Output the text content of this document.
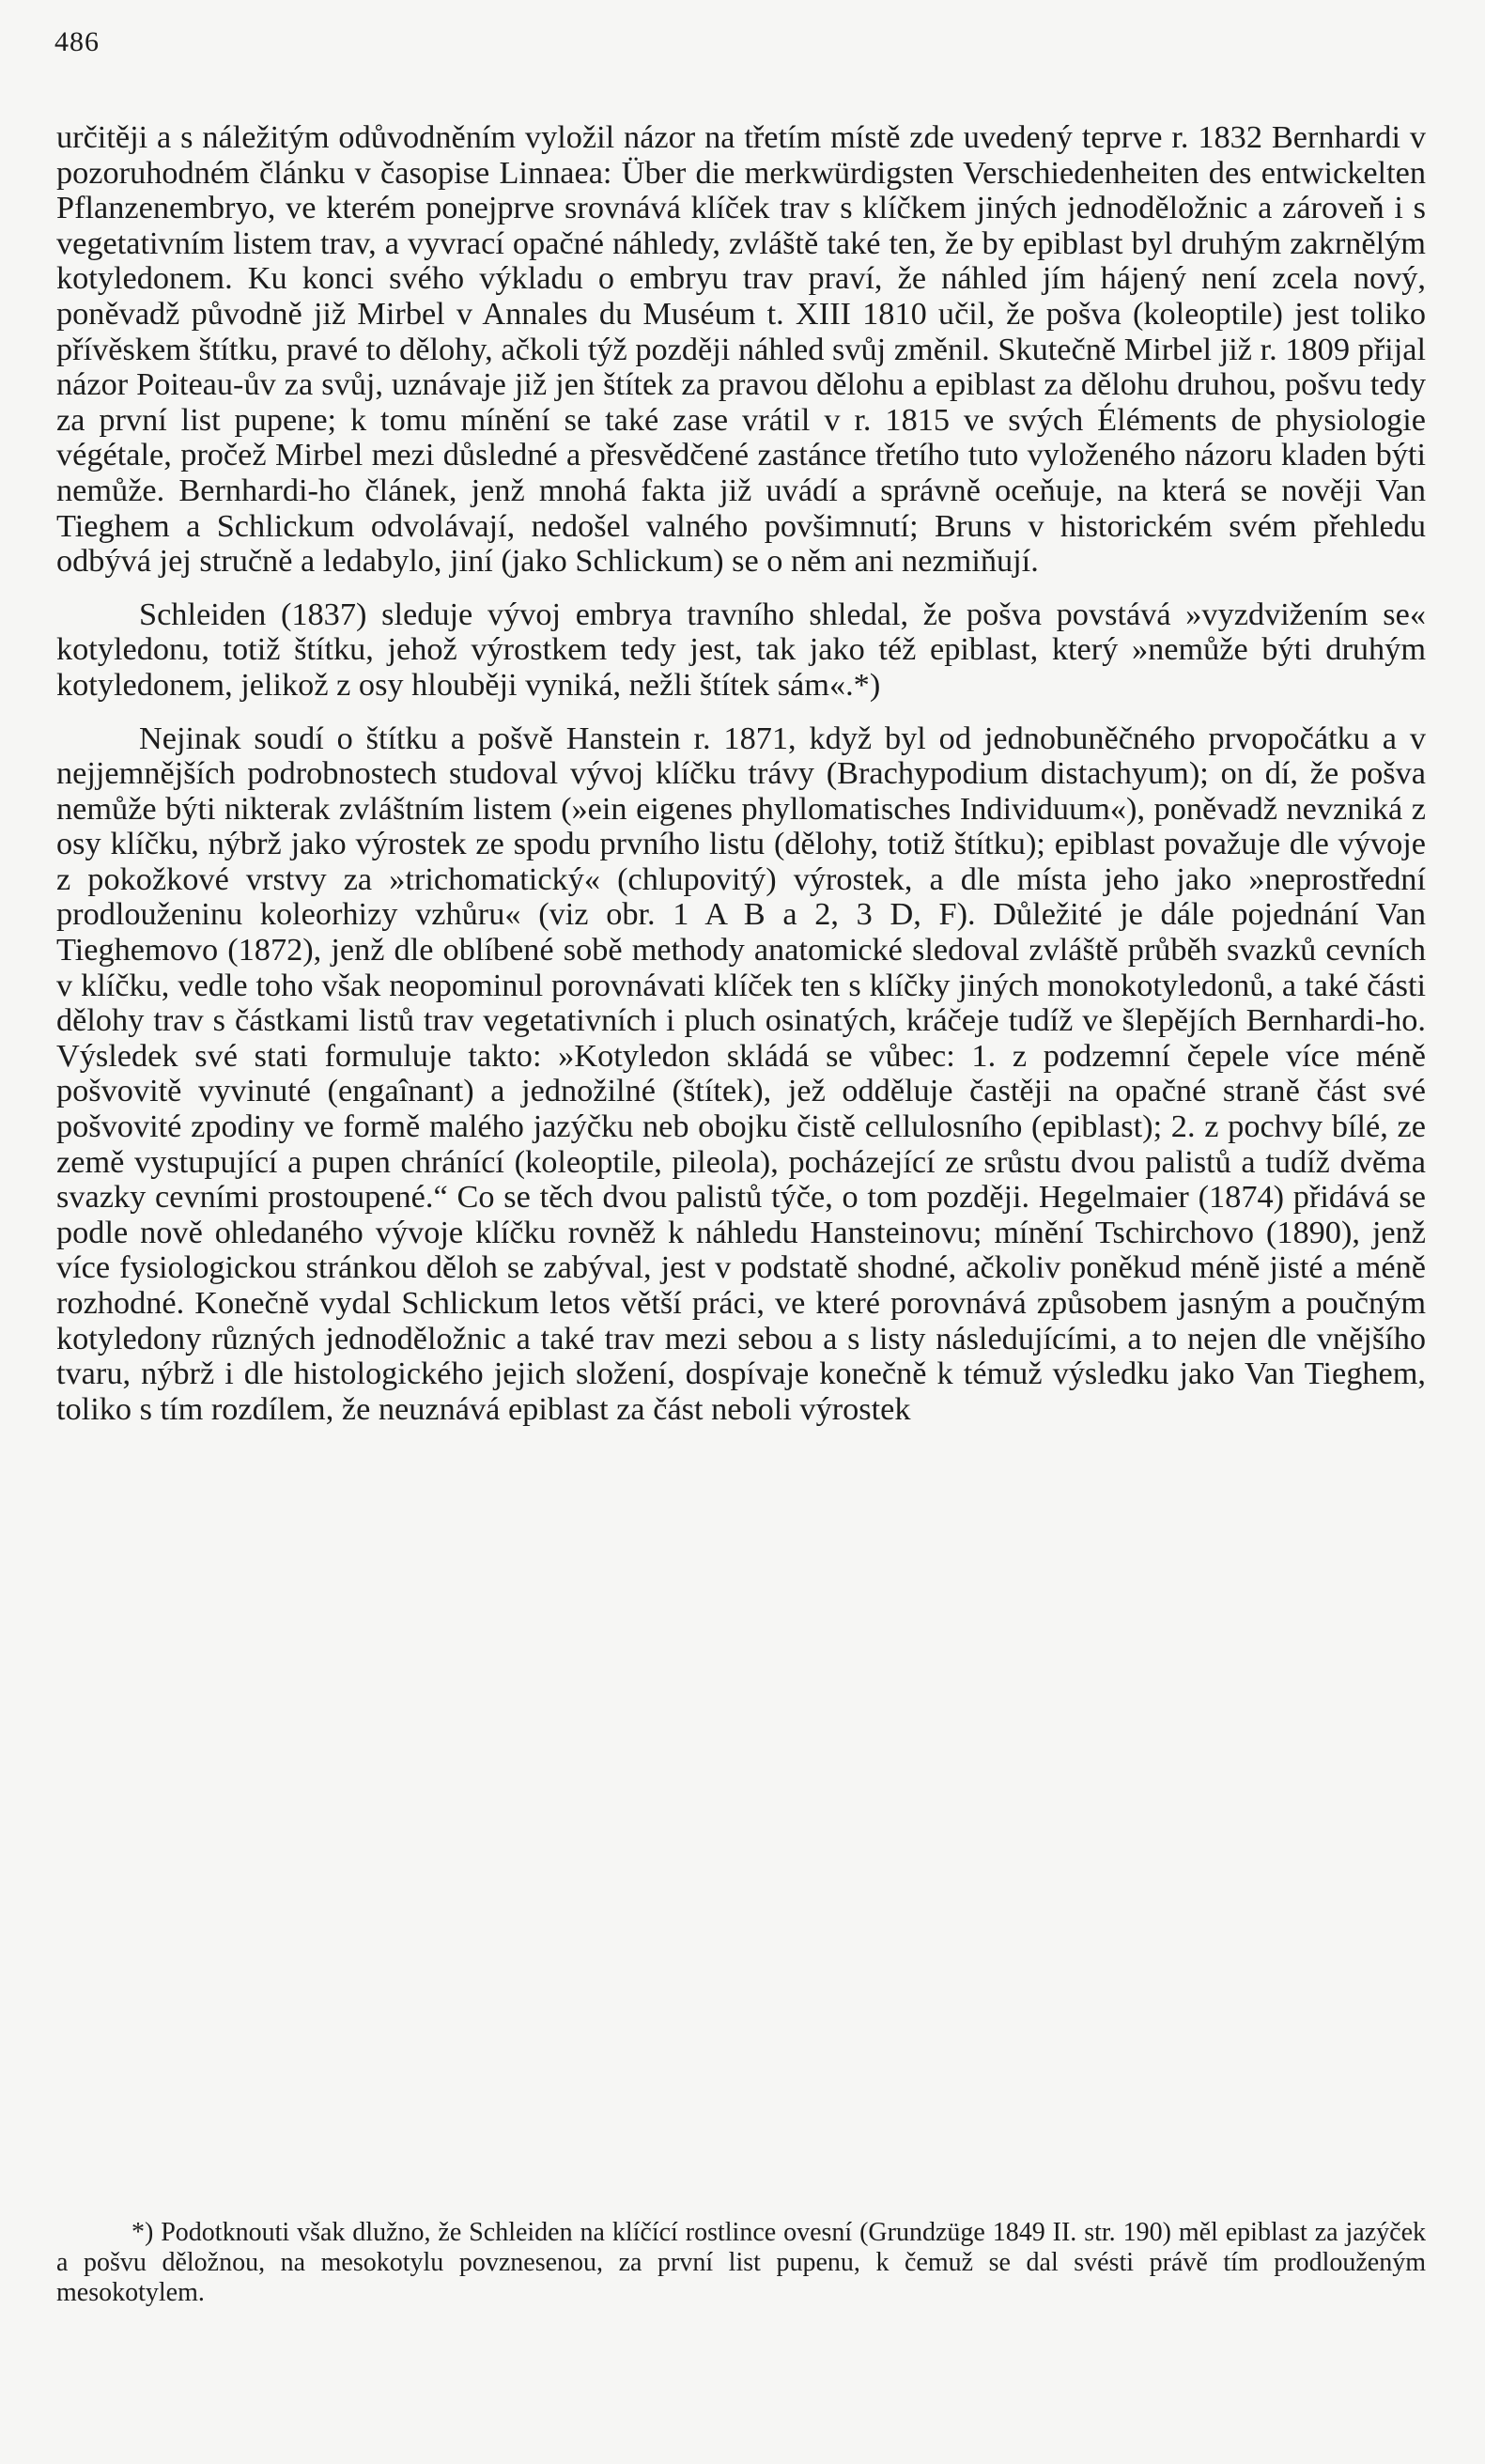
486

určitěji a s náležitým odůvodněním vyložil názor na třetím místě zde uvedený teprve r. 1832 Bernhardi v pozoruhodném článku v časopise Linnaea: Über die merkwürdigsten Verschiedenheiten des entwickelten Pflanzenembryo, ve kterém ponejprve srovnává klíček trav s klíčkem jiných jednoděložnic a zároveň i s vegetativním listem trav, a vyvrací opačné náhledy, zvláště také ten, že by epiblast byl druhým zakrnělým kotyledonem. Ku konci svého výkladu o embryu trav praví, že náhled jím hájený není zcela nový, poněvadž původně již Mirbel v Annales du Muséum t. XIII 1810 učil, že pošva (koleoptile) jest toliko přívěskem štítku, pravé to dělohy, ačkoli týž později náhled svůj změnil. Skutečně Mirbel již r. 1809 přijal názor Poiteau-ův za svůj, uznávaje již jen štítek za pravou dělohu a epiblast za dělohu druhou, pošvu tedy za první list pupene; k tomu mínění se také zase vrátil v r. 1815 ve svých Éléments de physiologie végétale, pročež Mirbel mezi důsledné a přesvědčené zastánce třetího tuto vyloženého názoru kladen býti nemůže. Bernhardi-ho článek, jenž mnohá fakta již uvádí a správně oceňuje, na která se nověji Van Tieghem a Schlickum odvolávají, nedošel valného povšimnutí; Bruns v historickém svém přehledu odbývá jej stručně a ledabylo, jiní (jako Schlickum) se o něm ani nezmiňují.

Schleiden (1837) sleduje vývoj embrya travního shledal, že pošva povstává »vyzdvižením se« kotyledonu, totiž štítku, jehož výrostkem tedy jest, tak jako též epiblast, který »nemůže býti druhým kotyledonem, jelikož z osy hlouběji vyniká, nežli štítek sám«.*)

Nejinak soudí o štítku a pošvě Hanstein r. 1871, když byl od jednobuněčného prvopočátku a v nejjemnějších podrobnostech studoval vývoj klíčku trávy (Brachypodium distachyum); on dí, že pošva nemůže býti nikterak zvláštním listem (»ein eigenes phyllomatisches Individuum«), poněvadž nevzniká z osy klíčku, nýbrž jako výrostek ze spodu prvního listu (dělohy, totiž štítku); epiblast považuje dle vývoje z pokožkové vrstvy za »trichomatický« (chlupovitý) výrostek, a dle místa jeho jako »neprostřední prodlouženinu koleorhizy vzhůru« (viz obr. 1 A B a 2, 3 D, F). Důležité je dále pojednání Van Tieghemovo (1872), jenž dle oblíbené sobě methody anatomické sledoval zvláště průběh svazků cevních v klíčku, vedle toho však neopominul porovnávati klíček ten s klíčky jiných monokotyledonů, a také části dělohy trav s částkami listů trav vegetativních i pluch osinatých, kráčeje tudíž ve šlepějích Bernhardi-ho. Výsledek své stati formuluje takto: »Kotyledon skládá se vůbec: 1. z podzemní čepele více méně pošvovitě vyvinuté (engaînant) a jednožilné (štítek), jež odděluje častěji na opačné straně část své pošvovité zpodiny ve formě malého jazýčku neb obojku čistě cellulosního (epiblast); 2. z pochvy bílé, ze země vystupující a pupen chránící (koleoptile, pileola), pocházející ze srůstu dvou palistů a tudíž dvěma svazky cevními prostoupené.“ Co se těch dvou palistů týče, o tom později. Hegelmaier (1874) přidává se podle nově ohledaného vývoje klíčku rovněž k náhledu Hansteinovu; mínění Tschirchovo (1890), jenž více fysiologickou stránkou děloh se zabýval, jest v podstatě shodné, ačkoliv poněkud méně jisté a méně rozhodné. Konečně vydal Schlickum letos větší práci, ve které porovnává způsobem jasným a poučným kotyledony různých jednoděložnic a také trav mezi sebou a s listy následujícími, a to nejen dle vnějšího tvaru, nýbrž i dle histologického jejich složení, dospívaje konečně k témuž výsledku jako Van Tieghem, toliko s tím rozdílem, že neuznává epiblast za část neboli výrostek

*) Podotknouti však dlužno, že Schleiden na klíčící rostlince ovesní (Grundzüge 1849 II. str. 190) měl epiblast za jazýček a pošvu děložnou, na mesokotylu povznesenou, za první list pupenu, k čemuž se dal svésti právě tím prodlouženým mesokotylem.
